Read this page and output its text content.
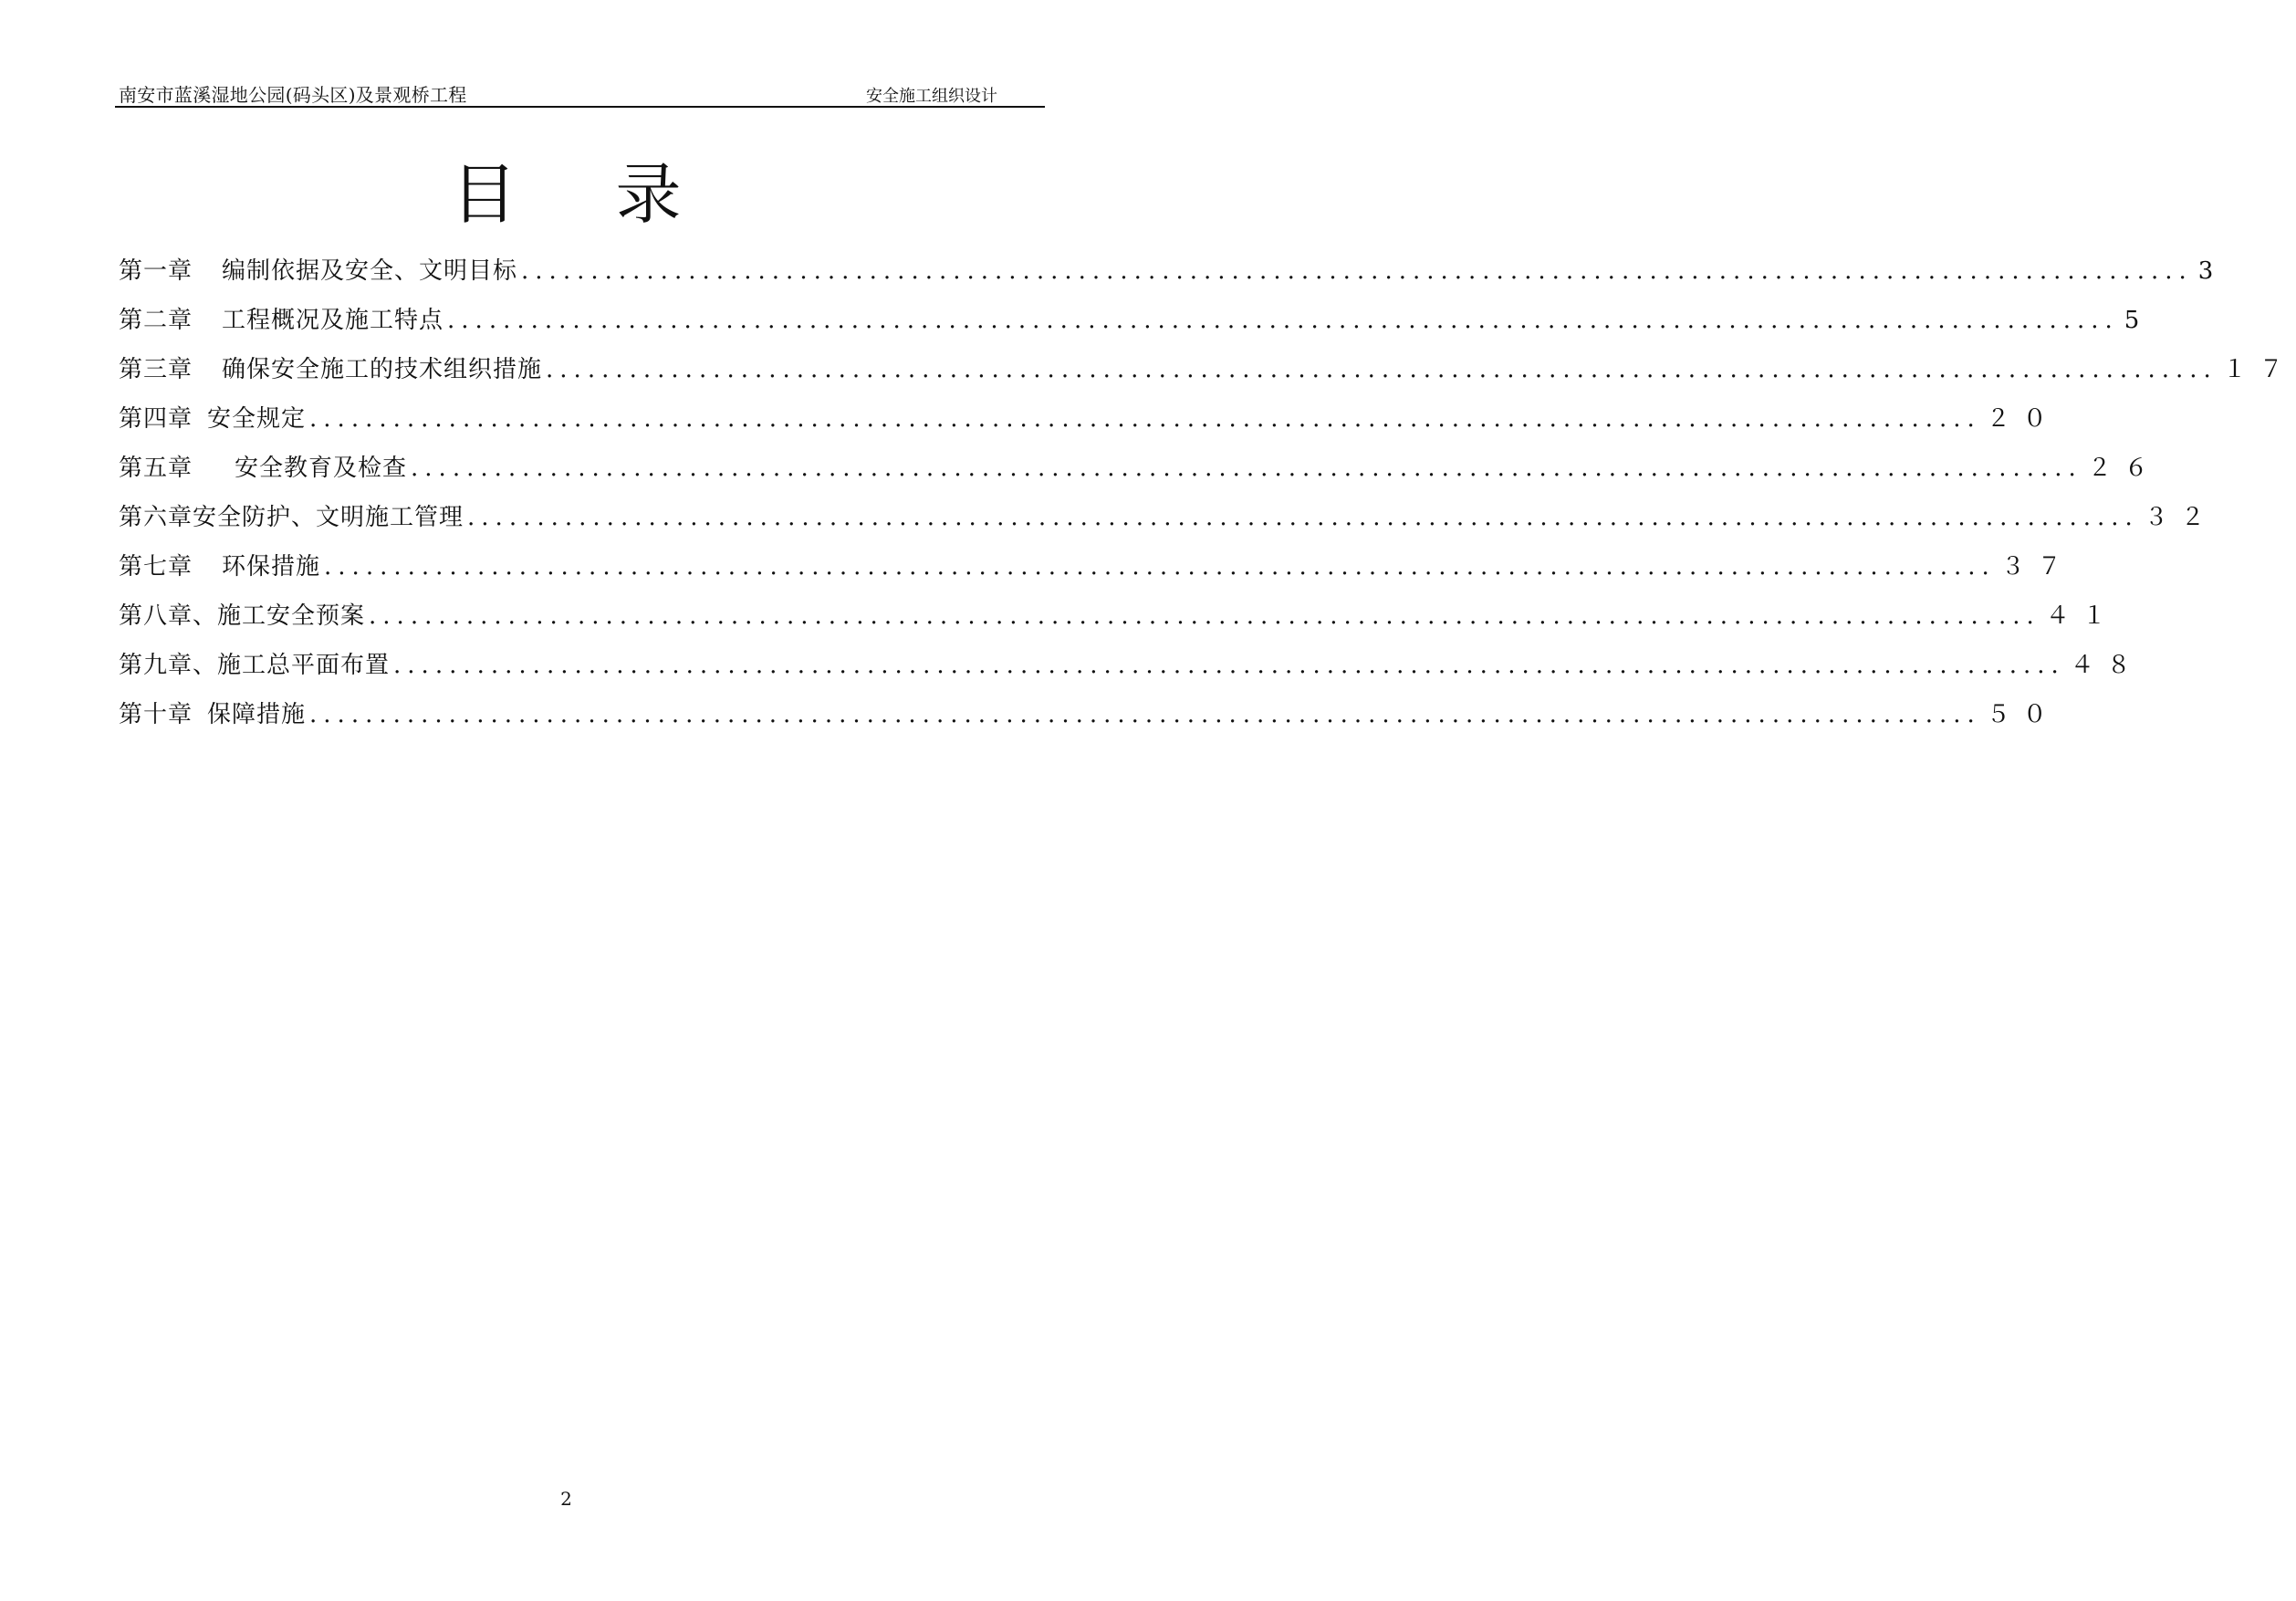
南安市蓝溪湿地公园(码头区)及景观桥工程	安全施工组织设计
目 录
第一章 编制依据及安全、文明目标 ........................................................................................................................ 3
第二章 工程概况及施工特点 ........................................................................................................................ 5
第三章 确保安全施工的技术组织措施 ........................................................................................................................ １７
第四章 安全规定 ........................................................................................................................ ２０
第五章 安全教育及检查 ........................................................................................................................ ２６
第六章 安全防护、文明施工管理 ........................................................................................................................ ３２
第七章 环保措施 ........................................................................................................................ ３７
第八章、 施工安全预案 ........................................................................................................................ ４１
第九章、 施工总平面布置 ........................................................................................................................ ４８
第十章 保障措施 ........................................................................................................................ ５０
2
